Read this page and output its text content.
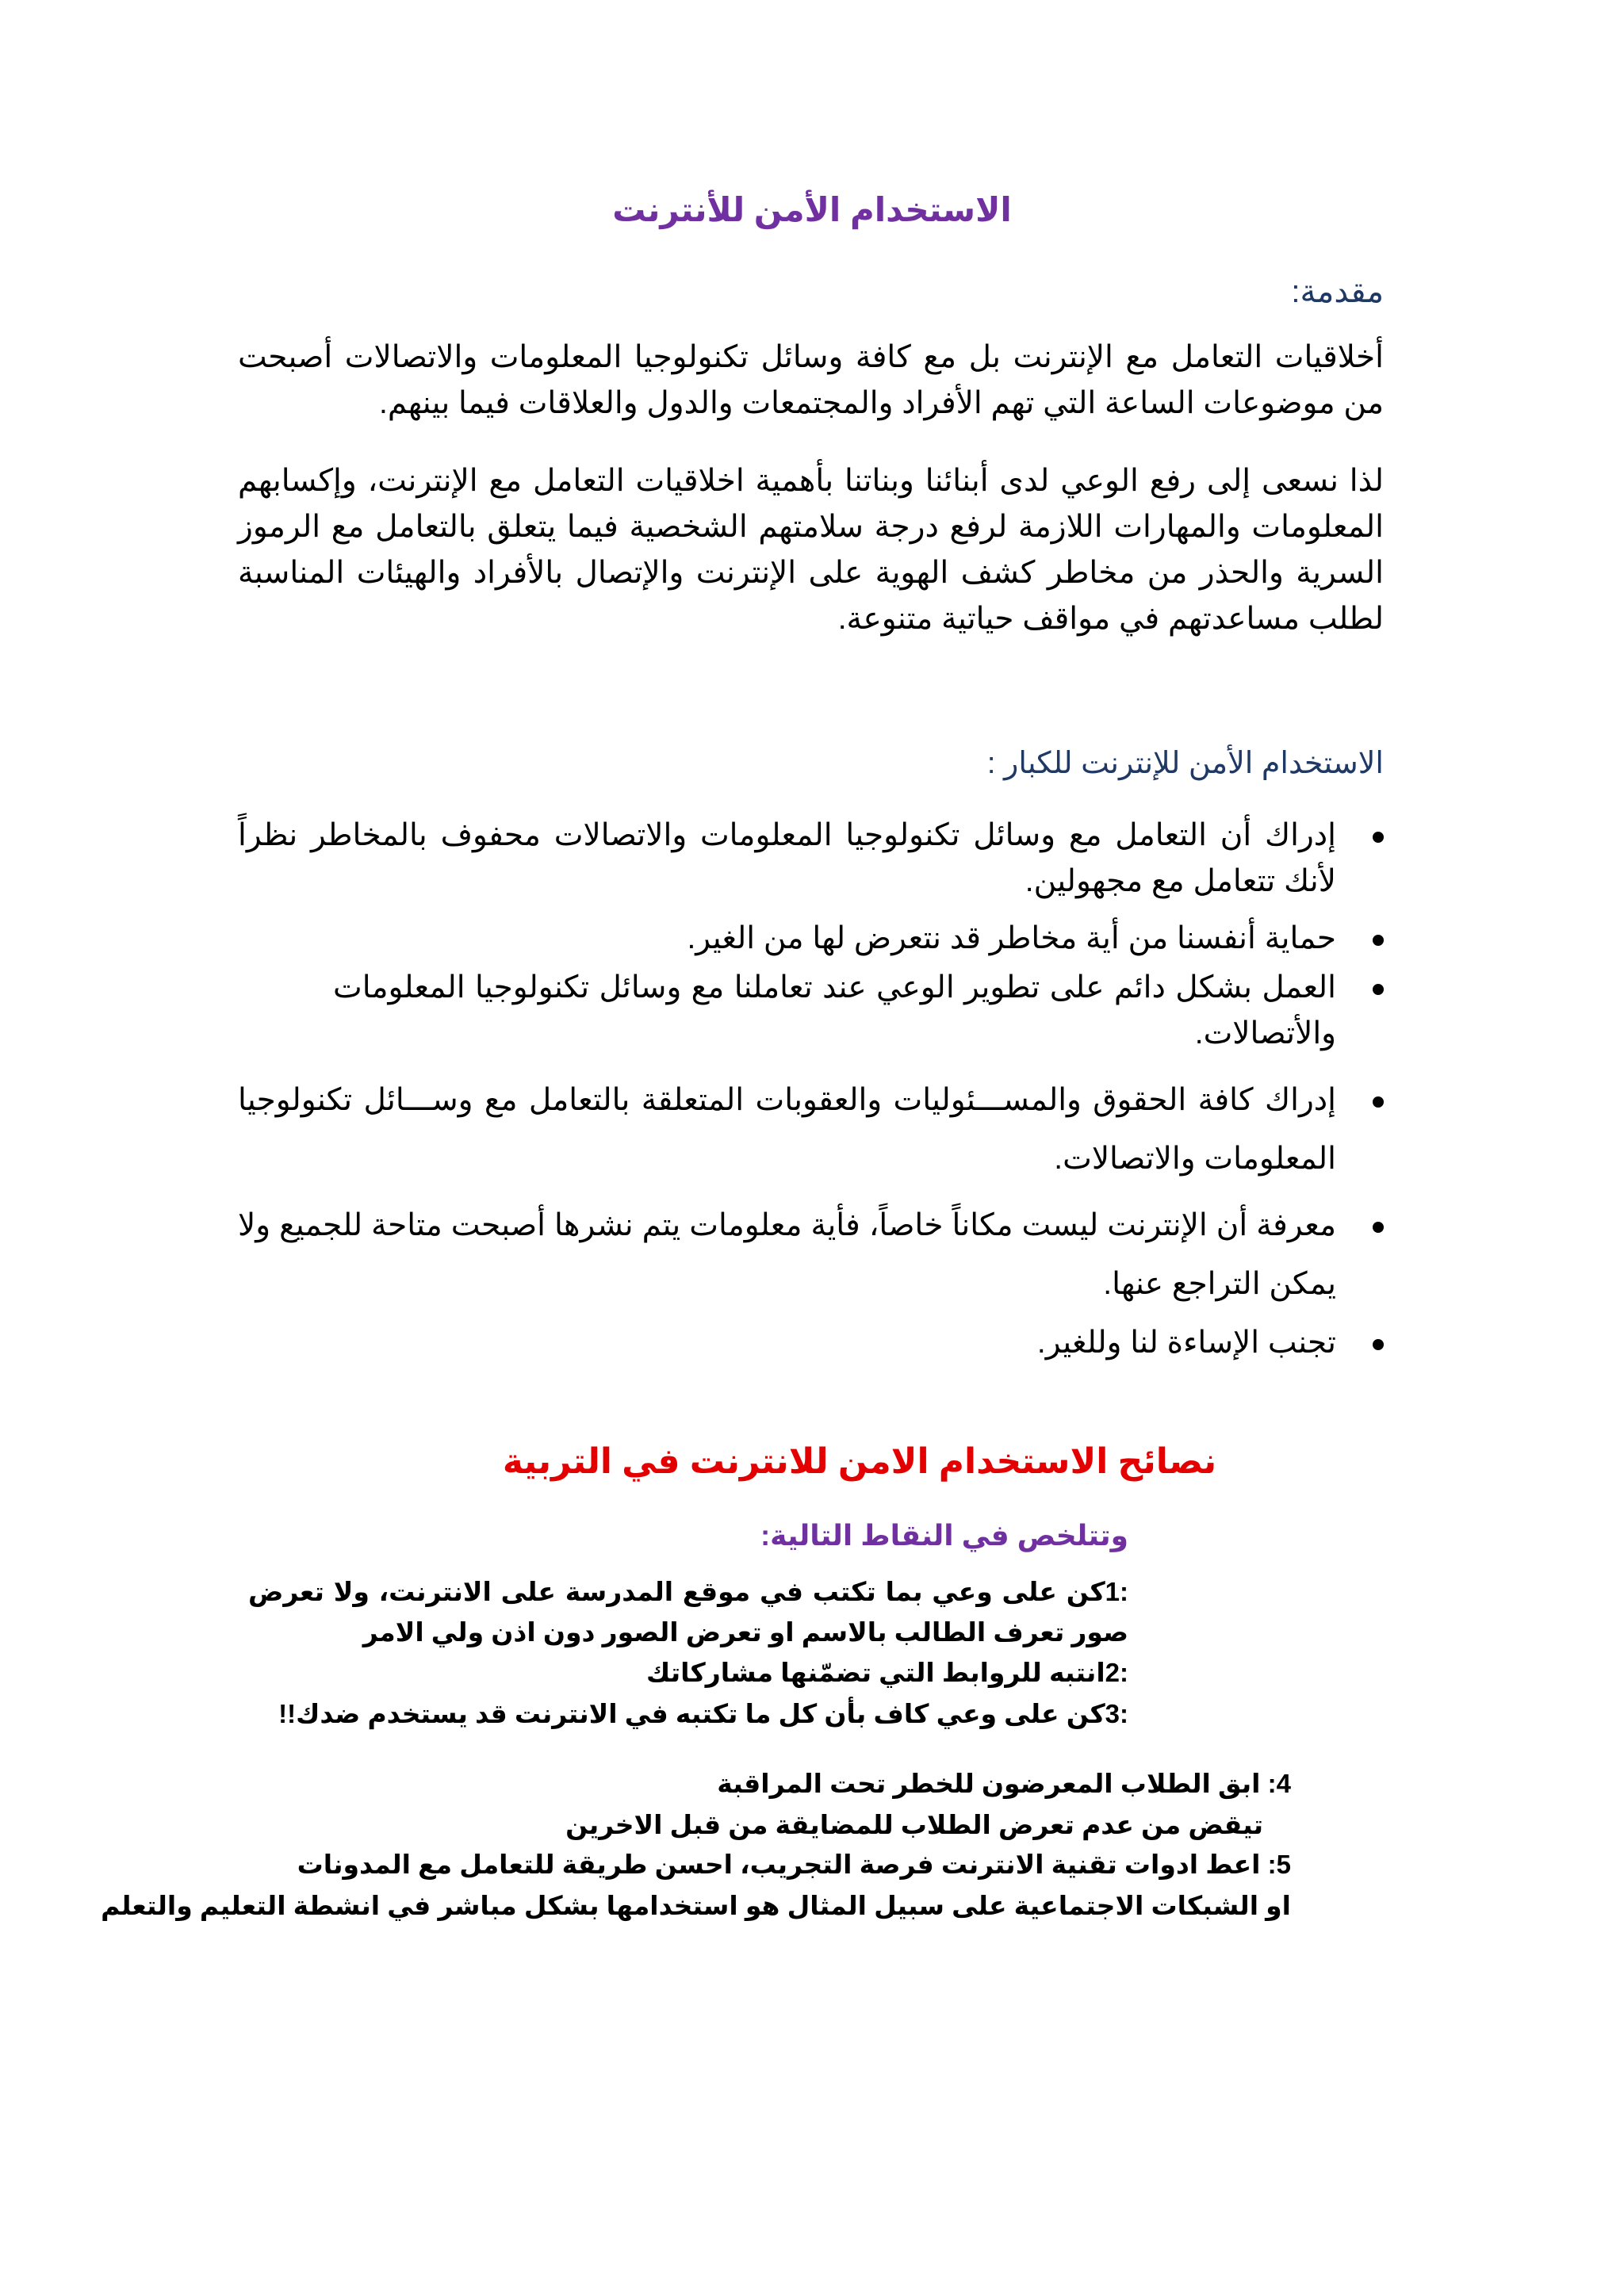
الاستخدام الأمن للأنترنت
مقدمة:

أخلاقيات التعامل مع الإنترنت بل مع كافة وسائل تكنولوجيا المعلومات والاتصالات أصبحت من موضوعات الساعة التي تهم الأفراد والمجتمعات والدول والعلاقات فيما بينهم.

لذا نسعى إلى رفع الوعي لدى أبنائنا وبناتنا بأهمية اخلاقيات التعامل مع الإنترنت، وإكسابهم المعلومات والمهارات اللازمة لرفع درجة سلامتهم الشخصية فيما يتعلق بالتعامل مع الرموز السرية والحذر من مخاطر كشف الهوية على الإنترنت والإتصال بالأفراد والهيئات المناسبة لطلب مساعدتهم في مواقف حياتية متنوعة.

الاستخدام الأمن للإنترنت للكبار :
إدراك أن التعامل مع وسائل تكنولوجيا المعلومات والاتصالات محفوف بالمخاطر نظراً لأنك تتعامل مع مجهولين.
حماية أنفسنا من أية مخاطر قد نتعرض لها من الغير.
العمل بشكل دائم على تطوير الوعي عند تعاملنا مع وسائل تكنولوجيا المعلومات والأتصالات.
إدراك كافة الحقوق والمســـئوليات والعقوبات المتعلقة بالتعامل مع وســـائل تكنولوجيا المعلومات والاتصالات.
معرفة أن الإنترنت ليست مكاناً خاصاً، فأية معلومات يتم نشرها أصبحت متاحة للجميع ولا يمكن التراجع عنها.
تجنب الإساءة لنا وللغير.
نصائح الاستخدام الامن للانترنت في التربية
وتتلخص في النقاط التالية:
:1كن على وعي بما تكتب في موقع المدرسة على الانترنت، ولا تعرض صور تعرف الطالب بالاسم او تعرض الصور دون اذن ولي الامر
:2انتبه للروابط التي تضمّنها مشاركاتك
:3كن على وعي كاف بأن كل ما تكتبه في الانترنت قد يستخدم ضدك!!
4: ابق الطلاب المعرضون للخطر تحت المراقبة
تيقض من عدم تعرض الطلاب للمضايقة من قبل الاخرين
5: اعط ادوات تقنية الانترنت فرصة التجريب، احسن طريقة للتعامل مع المدونات
او الشبكات الاجتماعية على سبيل المثال هو استخدامها بشكل مباشر في انشطة التعليم والتعلم
